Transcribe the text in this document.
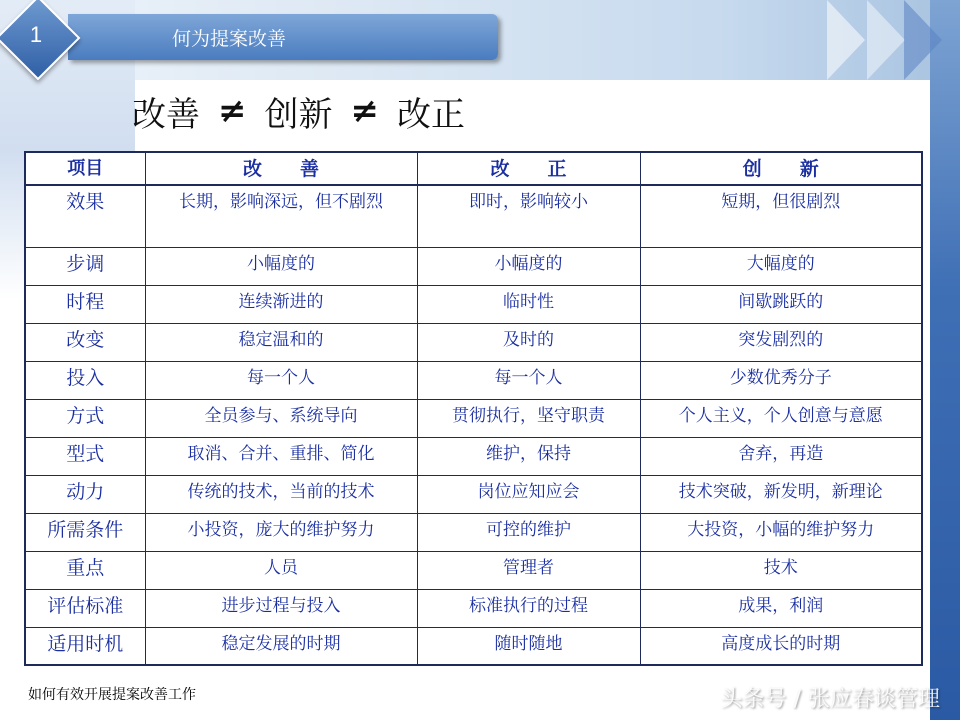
1	何为提案改善
改善 ≠ 创新 ≠ 改正
项目	改　　善	改　　正	创　　新
效果	长期，影响深远，但不剧烈	即时，影响较小	短期，但很剧烈
步调	小幅度的	小幅度的	大幅度的
时程	连续渐进的	临时性	间歇跳跃的
改变	稳定温和的	及时的	突发剧烈的
投入	每一个人	每一个人	少数优秀分子
方式	全员参与、系统导向	贯彻执行，坚守职责	个人主义，个人创意与意愿
型式	取消、合并、重排、简化	维护，保持	舍弃，再造
动力	传统的技术，当前的技术	岗位应知应会	技术突破，新发明，新理论
所需条件	小投资，庞大的维护努力	可控的维护	大投资，小幅的维护努力
重点	人员	管理者	技术
评估标准	进步过程与投入	标准执行的过程	成果，利润
适用时机	稳定发展的时期	随时随地	高度成长的时期
如何有效开展提案改善工作	头条号 / 张应春谈管理
